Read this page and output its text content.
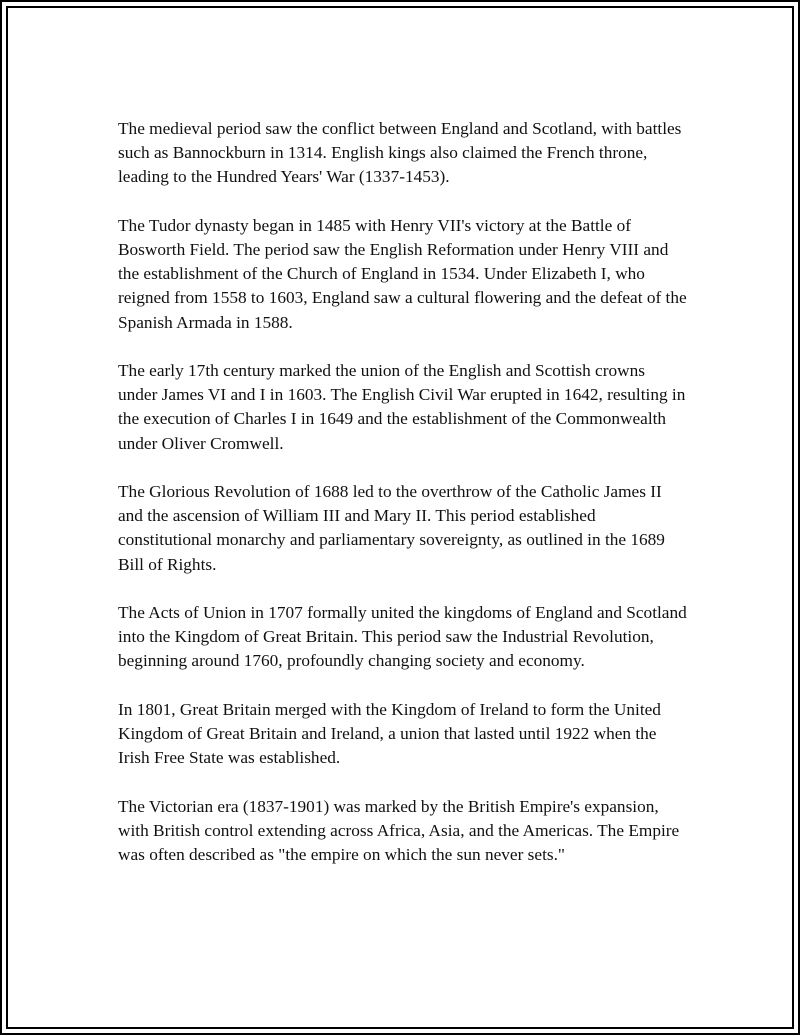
The medieval period saw the conflict between England and Scotland, with battles such as Bannockburn in 1314. English kings also claimed the French throne, leading to the Hundred Years' War (1337-1453).

The Tudor dynasty began in 1485 with Henry VII's victory at the Battle of Bosworth Field. The period saw the English Reformation under Henry VIII and the establishment of the Church of England in 1534. Under Elizabeth I, who reigned from 1558 to 1603, England saw a cultural flowering and the defeat of the Spanish Armada in 1588.

The early 17th century marked the union of the English and Scottish crowns under James VI and I in 1603. The English Civil War erupted in 1642, resulting in the execution of Charles I in 1649 and the establishment of the Commonwealth under Oliver Cromwell.

The Glorious Revolution of 1688 led to the overthrow of the Catholic James II and the ascension of William III and Mary II. This period established constitutional monarchy and parliamentary sovereignty, as outlined in the 1689 Bill of Rights.

The Acts of Union in 1707 formally united the kingdoms of England and Scotland into the Kingdom of Great Britain. This period saw the Industrial Revolution, beginning around 1760, profoundly changing society and economy.

In 1801, Great Britain merged with the Kingdom of Ireland to form the United Kingdom of Great Britain and Ireland, a union that lasted until 1922 when the Irish Free State was established.

The Victorian era (1837-1901) was marked by the British Empire's expansion, with British control extending across Africa, Asia, and the Americas. The Empire was often described as "the empire on which the sun never sets."
